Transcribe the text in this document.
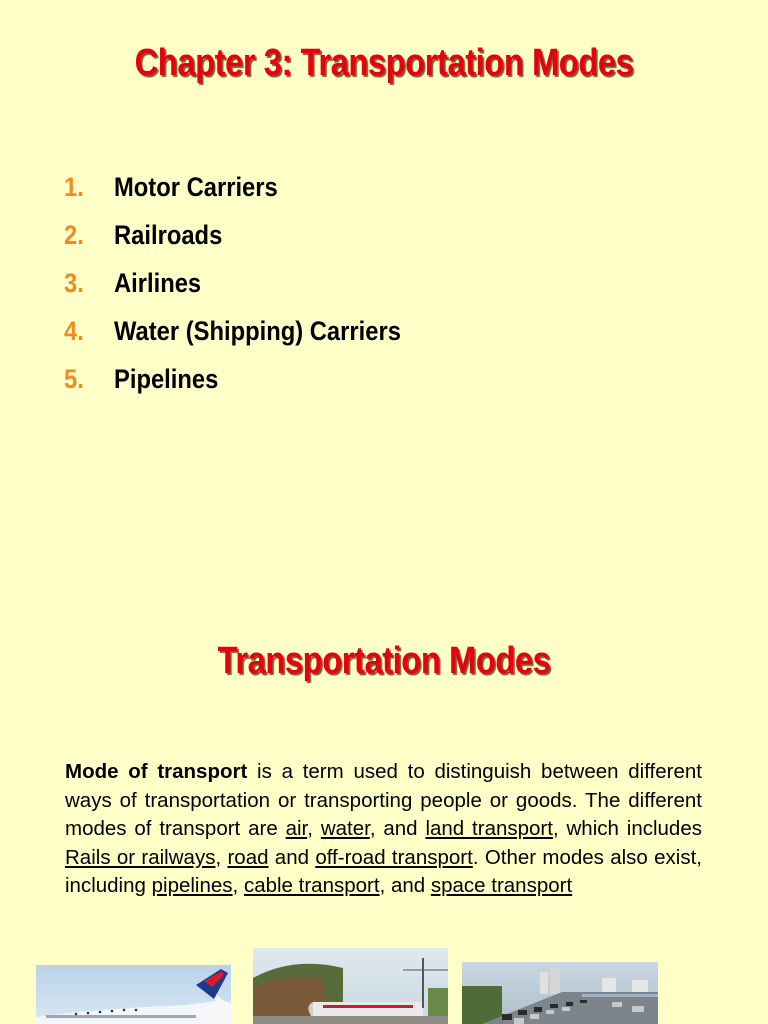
Chapter 3: Transportation Modes
1.	Motor Carriers
2.	Railroads
3.	Airlines
4.	Water (Shipping) Carriers
5.	Pipelines
Transportation Modes

Mode of transport is a term used to distinguish between different ways of transportation or transporting people or goods. The different modes of transport are air, water, and land transport, which includes Rails or railways, road and off-road transport. Other modes also exist, including pipelines, cable transport, and space transport
